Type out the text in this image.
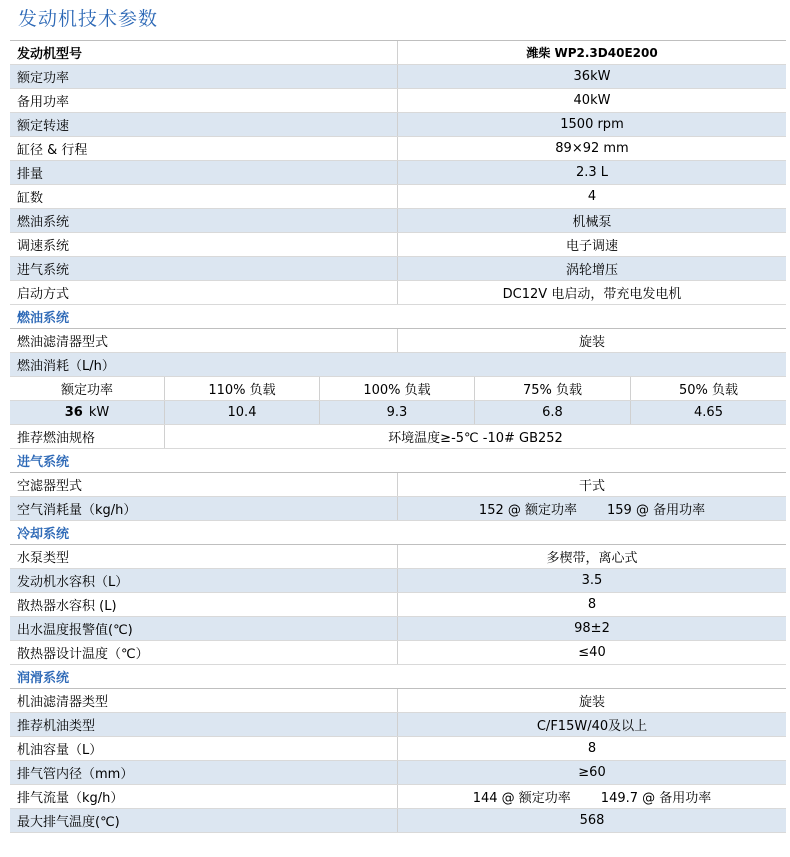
发动机技术参数
发动机型号	潍柴 WP2.3D40E200
额定功率	36kW
备用功率	40kW
额定转速	1500 rpm
缸径 & 行程	89×92 mm
排量	2.3 L
缸数	4
燃油系统	机械泵
调速系统	电子调速
进气系统	涡轮增压
启动方式	DC12V 电启动，带充电发电机
燃油系统
燃油滤清器型式	旋装
燃油消耗（L/h）
额定功率	110% 负载	100% 负载	75% 负载	50% 负载
36 kW	10.4	9.3	6.8	4.65
推荐燃油规格	环境温度≥-5℃ -10# GB252
进气系统
空滤器型式	干式
空气消耗量（kg/h）	152 @ 额定功率 159 @ 备用功率
冷却系统
水泵类型	多楔带，离心式
发动机水容积（L）	3.5
散热器水容积 (L)	8
出水温度报警值(℃)	98±2
散热器设计温度（℃）	≤40
润滑系统
机油滤清器类型	旋装
推荐机油类型	C/F15W/40及以上
机油容量（L）	8
排气管内径（mm）	≥60
排气流量（kg/h）	144 @ 额定功率 149.7 @ 备用功率
最大排气温度(℃)	568
